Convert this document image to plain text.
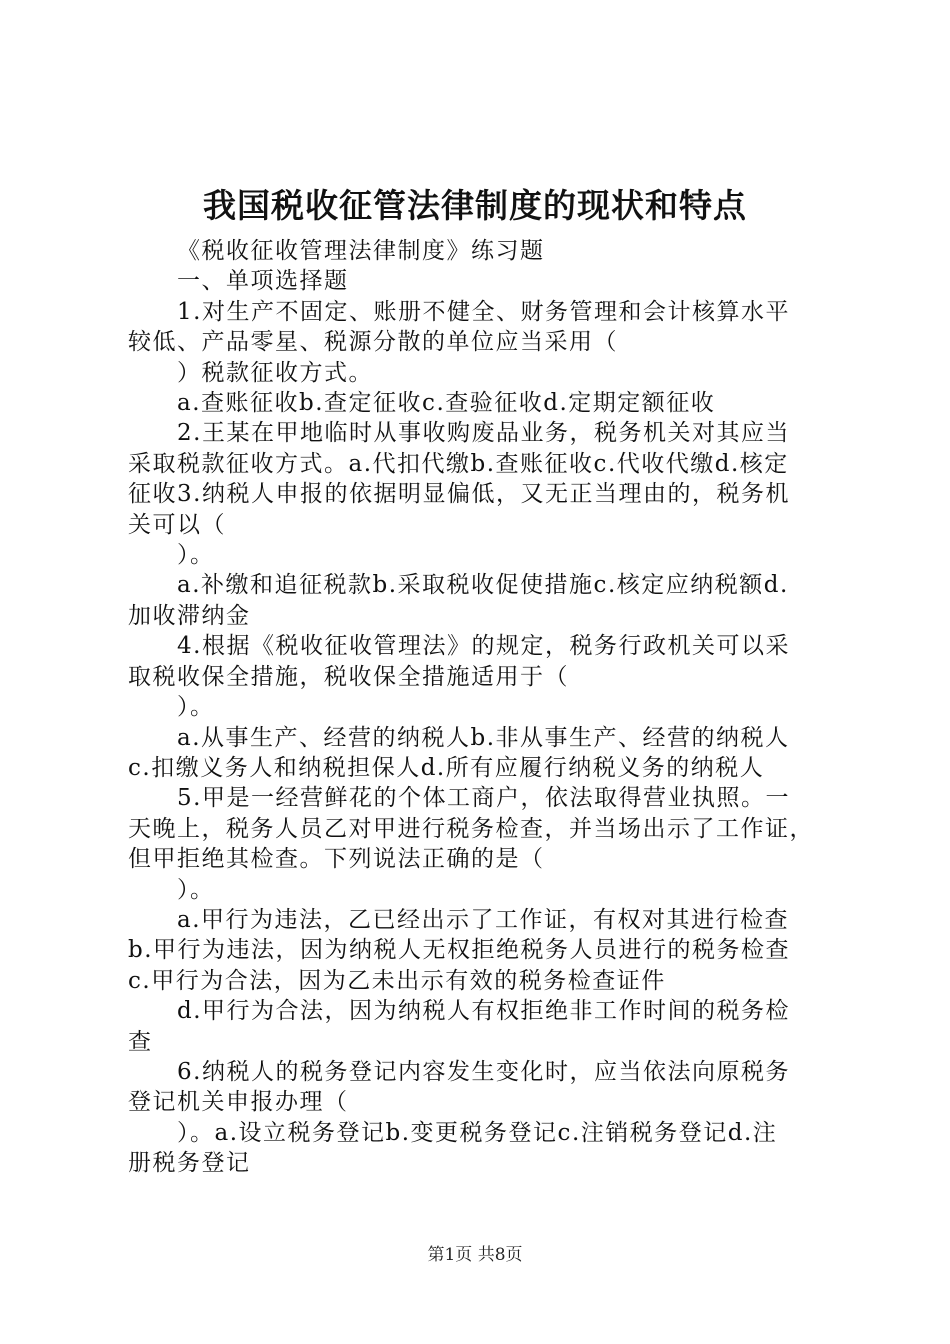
我国税收征管法律制度的现状和特点

《税收征收管理法律制度》练习题

一、单项选择题

1.对生产不固定、账册不健全、财务管理和会计核算水平

较低、产品零星、税源分散的单位应当采用（

）税款征收方式。

a.查账征收b.查定征收c.查验征收d.定期定额征收

2.王某在甲地临时从事收购废品业务，税务机关对其应当

采取税款征收方式。a.代扣代缴b.查账征收c.代收代缴d.核定

征收3.纳税人申报的依据明显偏低，又无正当理由的，税务机

关可以（

）。

a.补缴和追征税款b.采取税收促使措施c.核定应纳税额d.

加收滞纳金

4.根据《税收征收管理法》的规定，税务行政机关可以采

取税收保全措施，税收保全措施适用于（

）。

a.从事生产、经营的纳税人b.非从事生产、经营的纳税人

c.扣缴义务人和纳税担保人d.所有应履行纳税义务的纳税人

5.甲是一经营鲜花的个体工商户，依法取得营业执照。一

天晚上，税务人员乙对甲进行税务检查，并当场出示了工作证，

但甲拒绝其检查。下列说法正确的是（

）。

a.甲行为违法，乙已经出示了工作证，有权对其进行检查

b.甲行为违法，因为纳税人无权拒绝税务人员进行的税务检查

c.甲行为合法，因为乙未出示有效的税务检查证件

d.甲行为合法，因为纳税人有权拒绝非工作时间的税务检

查

6.纳税人的税务登记内容发生变化时，应当依法向原税务

登记机关申报办理（

）。a.设立税务登记b.变更税务登记c.注销税务登记d.注

册税务登记

第1页 共8页
